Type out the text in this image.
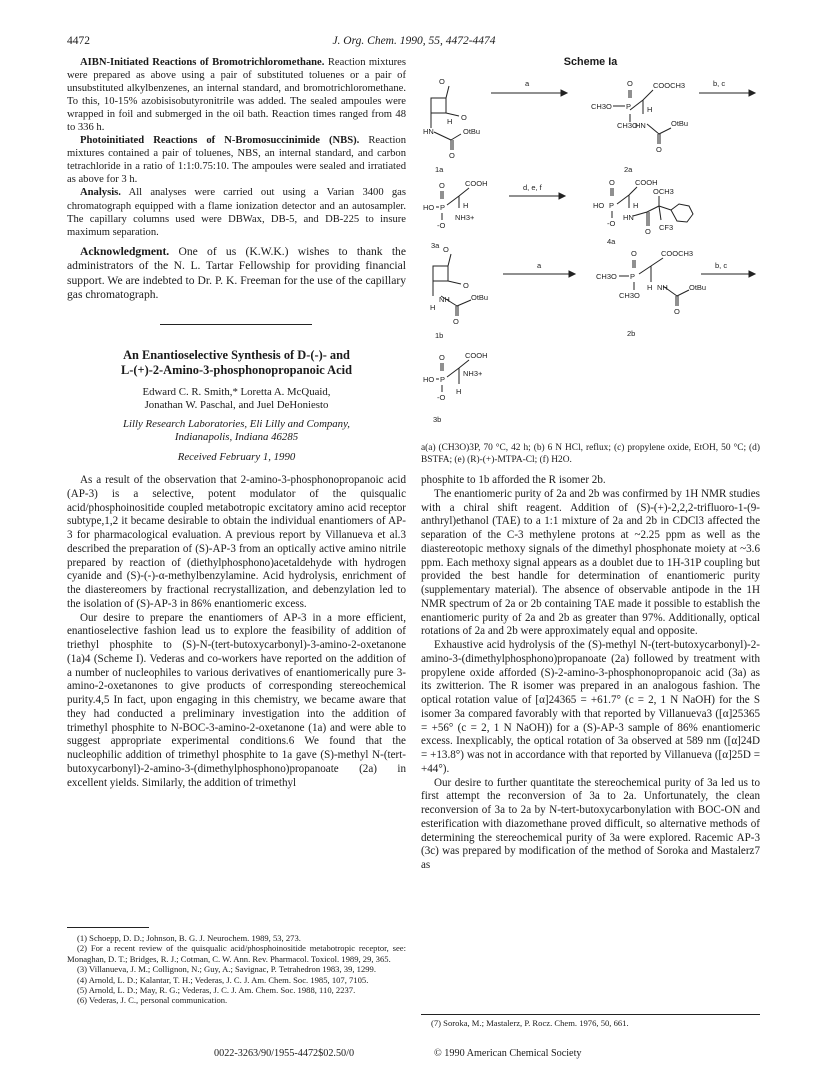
4472	J. Org. Chem. 1990, 55, 4472-4474

AIBN-Initiated Reactions of Bromotrichloromethane. Reaction mixtures were prepared as above using a pair of substituted toluenes or a pair of unsubstituted alkylbenzenes, an internal standard, and bromotrichloromethane. To this, 10-15% azobisisobutyronitrile was added. The sealed ampoules were wrapped in foil and submerged in the oil bath. Reaction times ranged from 48 to 336 h.

Photoinitiated Reactions of N-Bromosuccinimide (NBS). Reaction mixtures contained a pair of toluenes, NBS, an internal standard, and carbon tetrachloride in a ratio of 1:1:0.75:10. The ampoules were sealed and irratiated as above for 3 h.

Analysis. All analyses were carried out using a Varian 3400 gas chromatograph equipped with a flame ionization detector and an autosampler. The capillary columns used were DBWax, DB-5, and DB-225 to insure maximum separation.

Acknowledgment. One of us (K.W.K.) wishes to thank the administrators of the N. L. Tartar Fellowship for providing financial support. We are indebted to Dr. P. K. Freeman for the use of the capillary gas chromatograph.

An Enantioselective Synthesis of D-(-)- and
L-(+)-2-Amino-3-phosphonopropanoic Acid
Edward C. R. Smith,* Loretta A. McQuaid,
Jonathan W. Paschal, and Juel DeHoniesto
Lilly Research Laboratories, Eli Lilly and Company,
Indianapolis, Indiana 46285
Received February 1, 1990

As a result of the observation that 2-amino-3-phosphonopropanoic acid (AP-3) is a selective, potent modulator of the quisqualic acid/phosphoinositide coupled metabotropic excitatory amino acid receptor subtype,1,2 it became desirable to obtain the individual enantiomers of AP-3 for pharmacological evaluation. A previous report by Villanueva et al.3 described the preparation of (S)-AP-3 from an optically active amino nitrile prepared by reaction of (diethylphosphono)acetaldehyde with hydrogen cyanide and (S)-(-)-α-methylbenzylamine. Acid hydrolysis, enrichment of the diastereomers by fractional recrystallization, and debenzylation led to the isolation of (S)-AP-3 in 86% enantiomeric excess.

Our desire to prepare the enantiomers of AP-3 in a more efficient, enantioselective fashion lead us to explore the feasibility of addition of triethyl phosphite to (S)-N-(tert-butoxycarbonyl)-3-amino-2-oxetanone (1a)4 (Scheme I). Vederas and co-workers have reported on the addition of a number of nucleophiles to various derivatives of enantiomerically pure 3-amino-2-oxetanones to give products of corresponding stereochemical purity.4,5 In fact, upon engaging in this chemistry, we became aware that they had conducted a preliminary investigation into the addition of trimethyl phosphite to N-BOC-3-amino-2-oxetanone (1a) and were able to suggest appropriate experimental conditions.6 We found that the nucleophilic addition of trimethyl phosphite to 1a gave (S)-methyl N-(tert-butoxycarbonyl)-2-amino-3-(dimethylphosphono)propanoate (2a) in excellent yields. Similarly, the addition of trimethyl

(1) Schoepp, D. D.; Johnson, B. G. J. Neurochem. 1989, 53, 273.

(2) For a recent review of the quisqualic acid/phosphoinositide metabotropic receptor, see: Monaghan, D. T.; Bridges, R. J.; Cotman, C. W. Ann. Rev. Pharmacol. Toxicol. 1989, 29, 365.

(3) Villanueva, J. M.; Collignon, N.; Guy, A.; Savignac, P. Tetrahedron 1983, 39, 1299.

(4) Arnold, L. D.; Kalantar, T. H.; Vederas, J. C. J. Am. Chem. Soc. 1985, 107, 7105.

(5) Arnold, L. D.; May, R. G.; Vederas, J. C. J. Am. Chem. Soc. 1988, 110, 2237.

(6) Vederas, J. C., personal communication.

Scheme Ia
O
O
H
HN	OtBu
O
1a
a	O	COOCH3
CH3O P H
CH3O
HN	OtBu
O
2a
b, c
O
HO P
COOH
H
-O
NH3+
3a
d, e, f
O
HO P
COOH
H
OCH3
-O
HN
O CF3
4a
O
O
NH	OtBu
H
O
1b
a
O	COOCH3
CH3O P
CH3O
H NH	OtBu
O
2b
b, c
O
HO P
COOH
NH3+
-O
H
3b
a(a) (CH3O)3P, 70 °C, 42 h; (b) 6 N HCl, reflux; (c) propylene oxide, EtOH, 50 °C; (d) BSTFA; (e) (R)-(+)-MTPA-Cl; (f) H2O.

phosphite to 1b afforded the R isomer 2b.

The enantiomeric purity of 2a and 2b was confirmed by 1H NMR studies with a chiral shift reagent. Addition of (S)-(+)-2,2,2-trifluoro-1-(9-anthryl)ethanol (TAE) to a 1:1 mixture of 2a and 2b in CDCl3 affected the separation of the C-3 methylene protons at ~2.25 ppm as well as the diastereotopic methoxy signals of the dimethyl phosphonate moiety at ~3.6 ppm. Each methoxy signal appears as a doublet due to 1H-31P coupling but provided the best handle for determination of enantiomeric purity (supplementary material). The absence of observable antipode in the 1H NMR spectrum of 2a or 2b containing TAE made it possible to establish the enantiomeric purity of 2a and 2b as greater than 97%. Additionally, optical rotations of 2a and 2b were approximately equal and opposite.

Exhaustive acid hydrolysis of the (S)-methyl N-(tert-butoxycarbonyl)-2-amino-3-(dimethylphosphono)propanoate (2a) followed by treatment with propylene oxide afforded (S)-2-amino-3-phosphonopropanoic acid (3a) as its zwitterion. The R isomer was prepared in an analogous fashion. The optical rotation value of [α]24365 = +61.7° (c = 2, 1 N NaOH) for the S isomer 3a compared favorably with that reported by Villanueva3 ([α]25365 = +56° (c = 2, 1 N NaOH)) for a (S)-AP-3 sample of 86% enantiomeric excess. Inexplicably, the optical rotation of 3a observed at 589 nm ([α]24D = +13.8°) was not in accordance with that reported by Villanueva ([α]25D = +44°).

Our desire to further quantitate the stereochemical purity of 3a led us to first attempt the reconversion of 3a to 2a. Unfortunately, the clean reconversion of 3a to 2a by N-tert-butoxycarbonylation with BOC-ON and esterification with diazomethane proved difficult, so alternative methods of determining the stereochemical purity of 3a were explored. Racemic AP-3 (3c) was prepared by modification of the method of Soroka and Mastalerz7 as

(7) Soroka, M.; Mastalerz, P. Rocz. Chem. 1976, 50, 661.

0022-3263/90/1955-4472$02.50/0	© 1990 American Chemical Society
